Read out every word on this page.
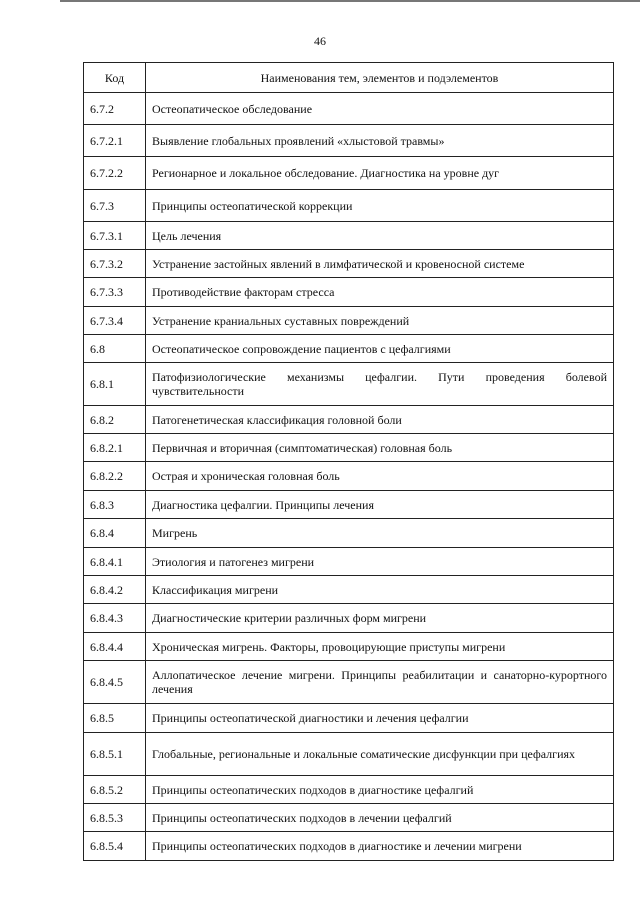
46
Код	Наименования тем, элементов и подэлементов
6.7.2	Остеопатическое обследование
6.7.2.1	Выявление глобальных проявлений «хлыстовой травмы»
6.7.2.2	Регионарное и локальное обследование. Диагностика на уровне дуг
6.7.3	Принципы остеопатической коррекции
6.7.3.1	Цель лечения
6.7.3.2	Устранение застойных явлений в лимфатической и кровеносной системе
6.7.3.3	Противодействие факторам стресса
6.7.3.4	Устранение краниальных суставных повреждений
6.8	Остеопатическое сопровождение пациентов с цефалгиями
6.8.1	Патофизиологические механизмы цефалгии. Пути проведения болевой чувствительности
6.8.2	Патогенетическая классификация головной боли
6.8.2.1	Первичная и вторичная (симптоматическая) головная боль
6.8.2.2	Острая и хроническая головная боль
6.8.3	Диагностика цефалгии. Принципы лечения
6.8.4	Мигрень
6.8.4.1	Этиология и патогенез мигрени
6.8.4.2	Классификация мигрени
6.8.4.3	Диагностические критерии различных форм мигрени
6.8.4.4	Хроническая мигрень. Факторы, провоцирующие приступы мигрени
6.8.4.5	Аллопатическое лечение мигрени. Принципы реабилитации и санаторно-курортного лечения
6.8.5	Принципы остеопатической диагностики и лечения цефалгии
6.8.5.1	Глобальные, региональные и локальные соматические дисфункции при цефалгиях
6.8.5.2	Принципы остеопатических подходов в диагностике цефалгий
6.8.5.3	Принципы остеопатических подходов в лечении цефалгий
6.8.5.4	Принципы остеопатических подходов в диагностике и лечении мигрени
